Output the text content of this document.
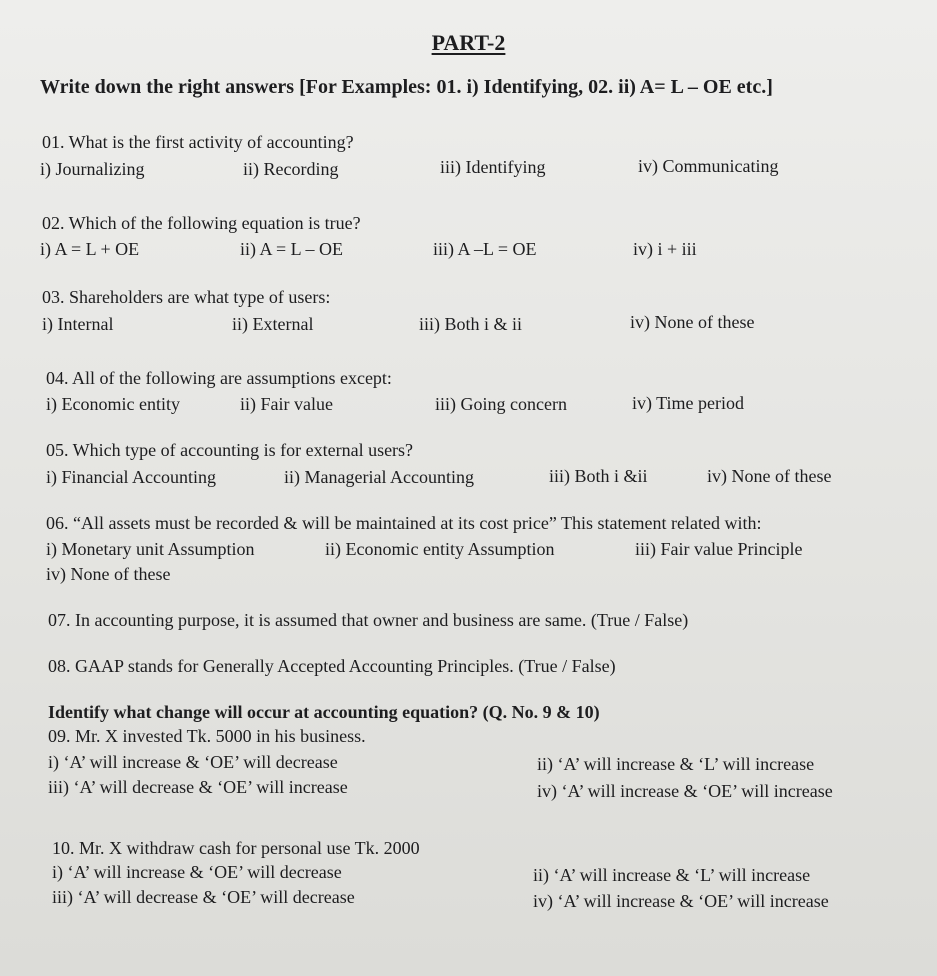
PART-2
Write down the right answers [For Examples: 01. i) Identifying, 02. ii) A= L – OE etc.]
01. What is the first activity of accounting?
i) Journalizing	ii) Recording	iii) Identifying	iv) Communicating
02. Which of the following equation is true?
i) A = L + OE	ii) A = L – OE	iii) A –L = OE	iv) i + iii
03. Shareholders are what type of users:
i) Internal	ii) External	iii) Both i & ii	iv) None of these
04. All of the following are assumptions except:
i) Economic entity	ii) Fair value	iii) Going concern	iv) Time period
05. Which type of accounting is for external users?
i) Financial Accounting	ii) Managerial Accounting	iii) Both i &ii	iv) None of these
06. “All assets must be recorded & will be maintained at its cost price” This statement related with:
i) Monetary unit Assumption	ii) Economic entity Assumption	iii) Fair value Principle
iv) None of these
07. In accounting purpose, it is assumed that owner and business are same. (True / False)
08. GAAP stands for Generally Accepted Accounting Principles. (True / False)
Identify what change will occur at accounting equation? (Q. No. 9 & 10)
09. Mr. X invested Tk. 5000 in his business.
i) ‘A’ will increase & ‘OE’ will decrease	ii) ‘A’ will increase & ‘L’ will increase
iii) ‘A’ will decrease & ‘OE’ will increase	iv) ‘A’ will increase & ‘OE’ will increase
10. Mr. X withdraw cash for personal use Tk. 2000
i) ‘A’ will increase & ‘OE’ will decrease	ii) ‘A’ will increase & ‘L’ will increase
iii) ‘A’ will decrease & ‘OE’ will decrease	iv) ‘A’ will increase & ‘OE’ will increase
